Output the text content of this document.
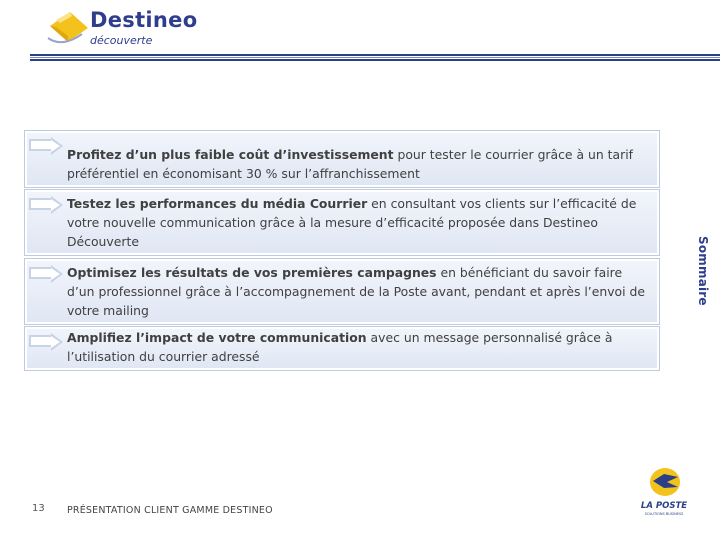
Destineo
découverte
Profitez d’un plus faible coût d’investissement pour tester le courrier grâce à un tarif préférentiel en économisant 30 % sur l’affranchissement
Testez les performances du média Courrier en consultant vos clients sur l’efficacité de votre nouvelle communication grâce à la mesure d’efficacité proposée dans Destineo Découverte
Optimisez les résultats de vos premières campagnes en bénéficiant du savoir faire d’un professionnel grâce à l’accompagnement de la Poste avant, pendant et après l’envoi de votre mailing
Amplifiez l’impact de votre communication avec un message personnalisé grâce à l’utilisation du courrier adressé
Sommaire
13 PRÉSENTATION CLIENT GAMME DESTINEO	LA POSTE
SOLUTIONS BUSINESS
